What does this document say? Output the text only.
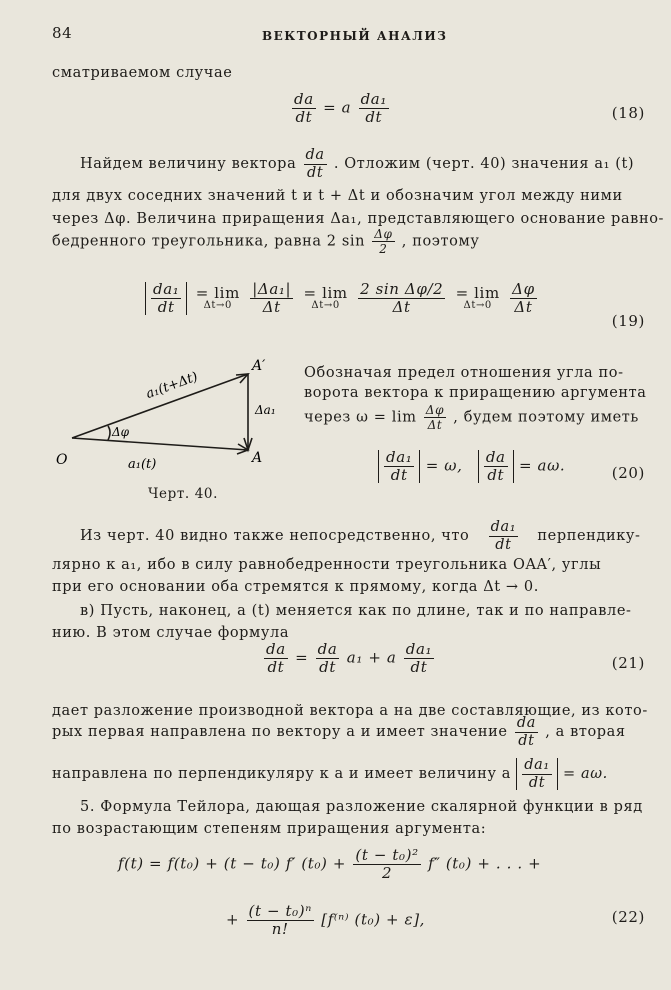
84	ВЕКТОРНЫЙ АНАЛИЗ
сматриваемом случае
$\frac{da}{dt} = a \frac{\text{da₁}}{dt}$	(18)
Найдем величину вектора $\frac{da}{dt}$ . Отложим (черт. 40) значения a₁ (t)
для двух соседних значений t и t + Δt и обозначим угол между ними
через Δφ. Величина приращения Δa₁, представляющего основание равно-
бедренного треугольника, равна 2 $\sin \frac{\Delta\varphi}{2}$ , поэтому
$\frac{\text{da₁}}{dt}$
= lim
Δt→0
$\frac{\text{|Δa₁|}}{\Delta t}$
= lim
Δt→0
$\frac{\text{2 sin Δφ/2}}{\Delta t}$
= lim
Δt→0
$\frac{\Delta\varphi}{\Delta t}$
(19)
O
A′
A
a₁(t+Δt)
a₁(t)
Δφ
Δa₁
Черт. 40.
Обозначая предел отношения угла по-
ворота вектора к приращению аргумента
через $\omega = \lim \frac{\Delta\varphi}{\Delta t}$ , будем поэтому иметь
$\frac{\text{da₁}}{dt} = \omega$, $\frac{da}{dt} = a\omega$.	(20)
Из черт. 40 видно также непосредственно, что $\frac{\text{da₁}}{dt}$ перпендику-
лярно к a₁, ибо в силу равнобедренности треугольника OAA′, углы
при его основании оба стремятся к прямому, когда Δt → 0.
в) Пусть, наконец, a (t) меняется как по длине, так и по направле-
нию. В этом случае формула
$\frac{da}{dt} = \frac{da}{dt} a_1 + a \frac{\text{da₁}}{dt}$	(21)
дает разложение производной вектора a на две составляющие, из кото-
рых первая направлена по вектору a и имеет значение $\frac{da}{dt}$ , а вторая
направлена по перпендикуляру к a и имеет величину a $\frac{\text{da₁}}{dt} = a\omega$.
5. Формула Тейлора, дающая разложение скалярной функции в ряд
по возрастающим степеням приращения аргумента:
f(t) = f(t₀) + (t − t₀) f′ $(t_0) + \frac{\text{(t − t₀)²}}{2} f''$ (t₀) + . . . +
+ $\frac{\text{(t − t₀)ⁿ}}{n!} [f^{(n)}$ (t₀) + ε],	(22)
